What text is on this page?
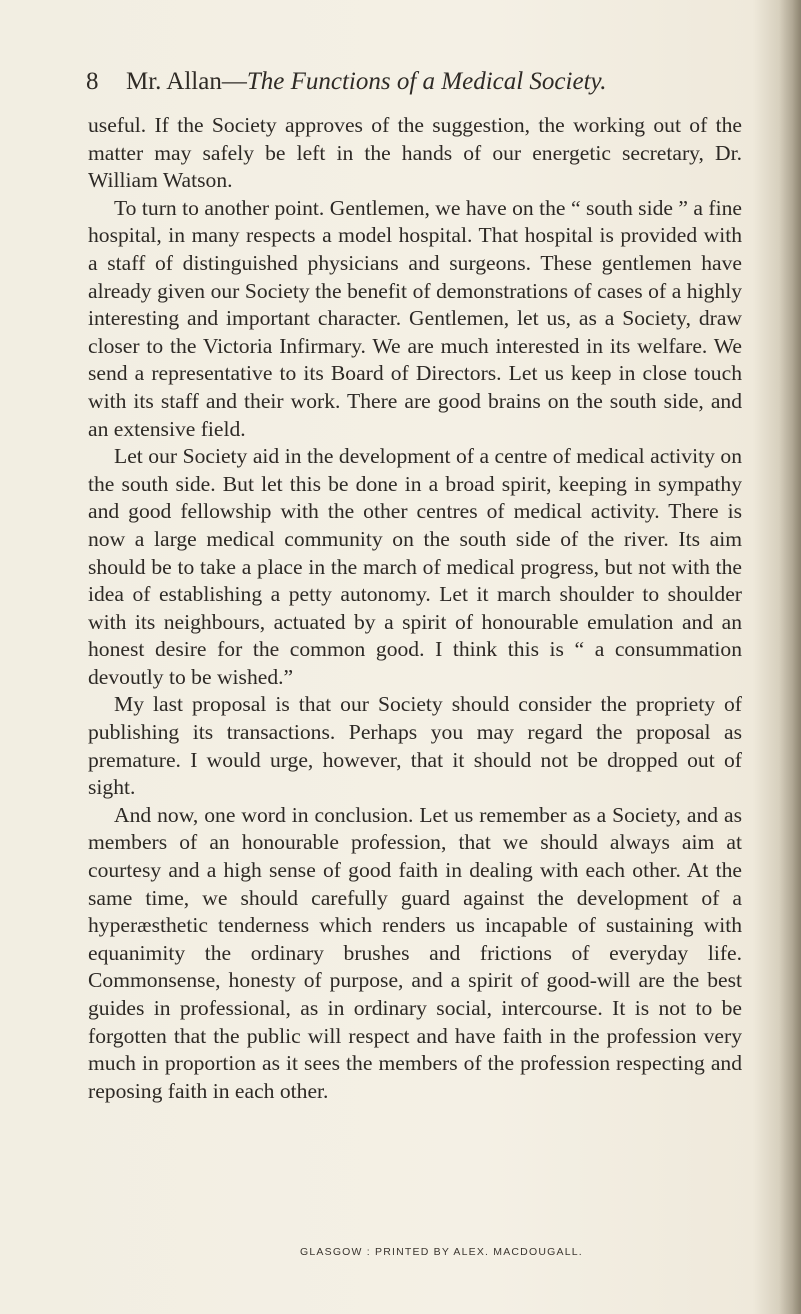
8 Mr. Allan—The Functions of a Medical Society.

useful. If the Society approves of the suggestion, the working out of the matter may safely be left in the hands of our energetic secretary, Dr. William Watson.

To turn to another point. Gentlemen, we have on the “ south side ” a fine hospital, in many respects a model hospital. That hospital is provided with a staff of distinguished physicians and surgeons. These gentlemen have already given our Society the benefit of demonstrations of cases of a highly interesting and important character. Gentlemen, let us, as a Society, draw closer to the Victoria Infirmary. We are much interested in its welfare. We send a representative to its Board of Directors. Let us keep in close touch with its staff and their work. There are good brains on the south side, and an extensive field.

Let our Society aid in the development of a centre of medical activity on the south side. But let this be done in a broad spirit, keeping in sympathy and good fellowship with the other centres of medical activity. There is now a large medical community on the south side of the river. Its aim should be to take a place in the march of medical progress, but not with the idea of establishing a petty autonomy. Let it march shoulder to shoulder with its neighbours, actuated by a spirit of honourable emulation and an honest desire for the common good. I think this is “ a consummation devoutly to be wished.”

My last proposal is that our Society should consider the propriety of publishing its transactions. Perhaps you may regard the proposal as premature. I would urge, however, that it should not be dropped out of sight.

And now, one word in conclusion. Let us remember as a Society, and as members of an honourable profession, that we should always aim at courtesy and a high sense of good faith in dealing with each other. At the same time, we should carefully guard against the development of a hyperæsthetic tenderness which renders us incapable of sustaining with equanimity the ordinary brushes and frictions of everyday life. Commonsense, honesty of purpose, and a spirit of good-will are the best guides in professional, as in ordinary social, intercourse. It is not to be forgotten that the public will respect and have faith in the profession very much in proportion as it sees the members of the profession respecting and reposing faith in each other.

GLASGOW : PRINTED BY ALEX. MACDOUGALL.
